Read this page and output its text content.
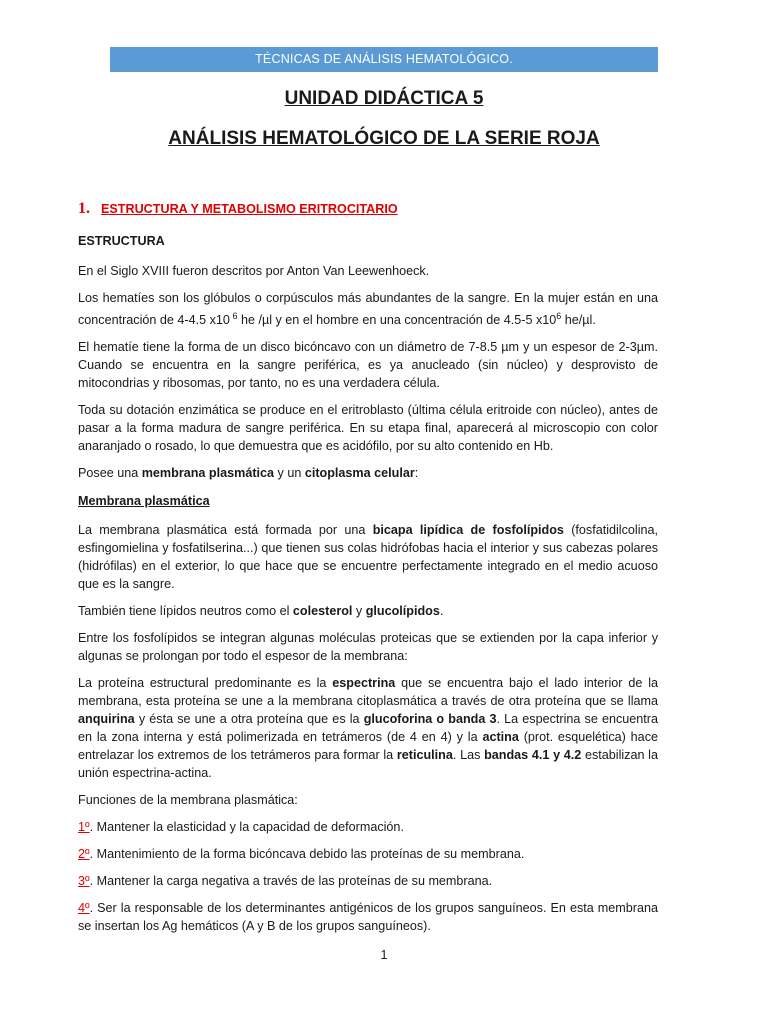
TÉCNICAS DE ANÁLISIS HEMATOLÓGICO.
UNIDAD DIDÁCTICA 5
ANÁLISIS HEMATOLÓGICO DE LA SERIE ROJA
1. ESTRUCTURA Y METABOLISMO ERITROCITARIO
ESTRUCTURA

En el Siglo XVIII fueron descritos por Anton Van Leewenhoeck.

Los hematíes son los glóbulos o corpúsculos más abundantes de la sangre. En la mujer están en una concentración de 4-4.5 x10 $^6$ he /µl y en el hombre en una concentración de 4.5-5 $x10^6$ he/µl.

El hematíe tiene la forma de un disco bicóncavo con un diámetro de 7-8.5 µm y un espesor de 2-3µm. Cuando se encuentra en la sangre periférica, es ya anucleado (sin núcleo) y desprovisto de mitocondrias y ribosomas, por tanto, no es una verdadera célula.

Toda su dotación enzimática se produce en el eritroblasto (última célula eritroide con núcleo), antes de pasar a la forma madura de sangre periférica. En su etapa final, aparecerá al microscopio con color anaranjado o rosado, lo que demuestra que es acidófilo, por su alto contenido en Hb.

Posee una membrana plasmática y un citoplasma celular:

Membrana plasmática

La membrana plasmática está formada por una bicapa lipídica de fosfolípidos (fosfatidilcolina, esfingomielina y fosfatilserina...) que tienen sus colas hidrófobas hacia el interior y sus cabezas polares (hidrófilas) en el exterior, lo que hace que se encuentre perfectamente integrado en el medio acuoso que es la sangre.

También tiene lípidos neutros como el colesterol y glucolípidos.

Entre los fosfolípidos se integran algunas moléculas proteicas que se extienden por la capa inferior y algunas se prolongan por todo el espesor de la membrana:

La proteína estructural predominante es la espectrina que se encuentra bajo el lado interior de la membrana, esta proteína se une a la membrana citoplasmática a través de otra proteína que se llama anquirina y ésta se une a otra proteína que es la glucoforina o banda 3. La espectrina se encuentra en la zona interna y está polimerizada en tetrámeros (de 4 en 4) y la actina (prot. esquelética) hace entrelazar los extremos de los tetrámeros para formar la reticulina. Las bandas 4.1 y 4.2 estabilizan la unión espectrina-actina.

Funciones de la membrana plasmática:

1º. Mantener la elasticidad y la capacidad de deformación.

2º. Mantenimiento de la forma bicóncava debido las proteínas de su membrana.

3º. Mantener la carga negativa a través de las proteínas de su membrana.

4º. Ser la responsable de los determinantes antigénicos de los grupos sanguíneos. En esta membrana se insertan los Ag hemáticos (A y B de los grupos sanguíneos).

1
